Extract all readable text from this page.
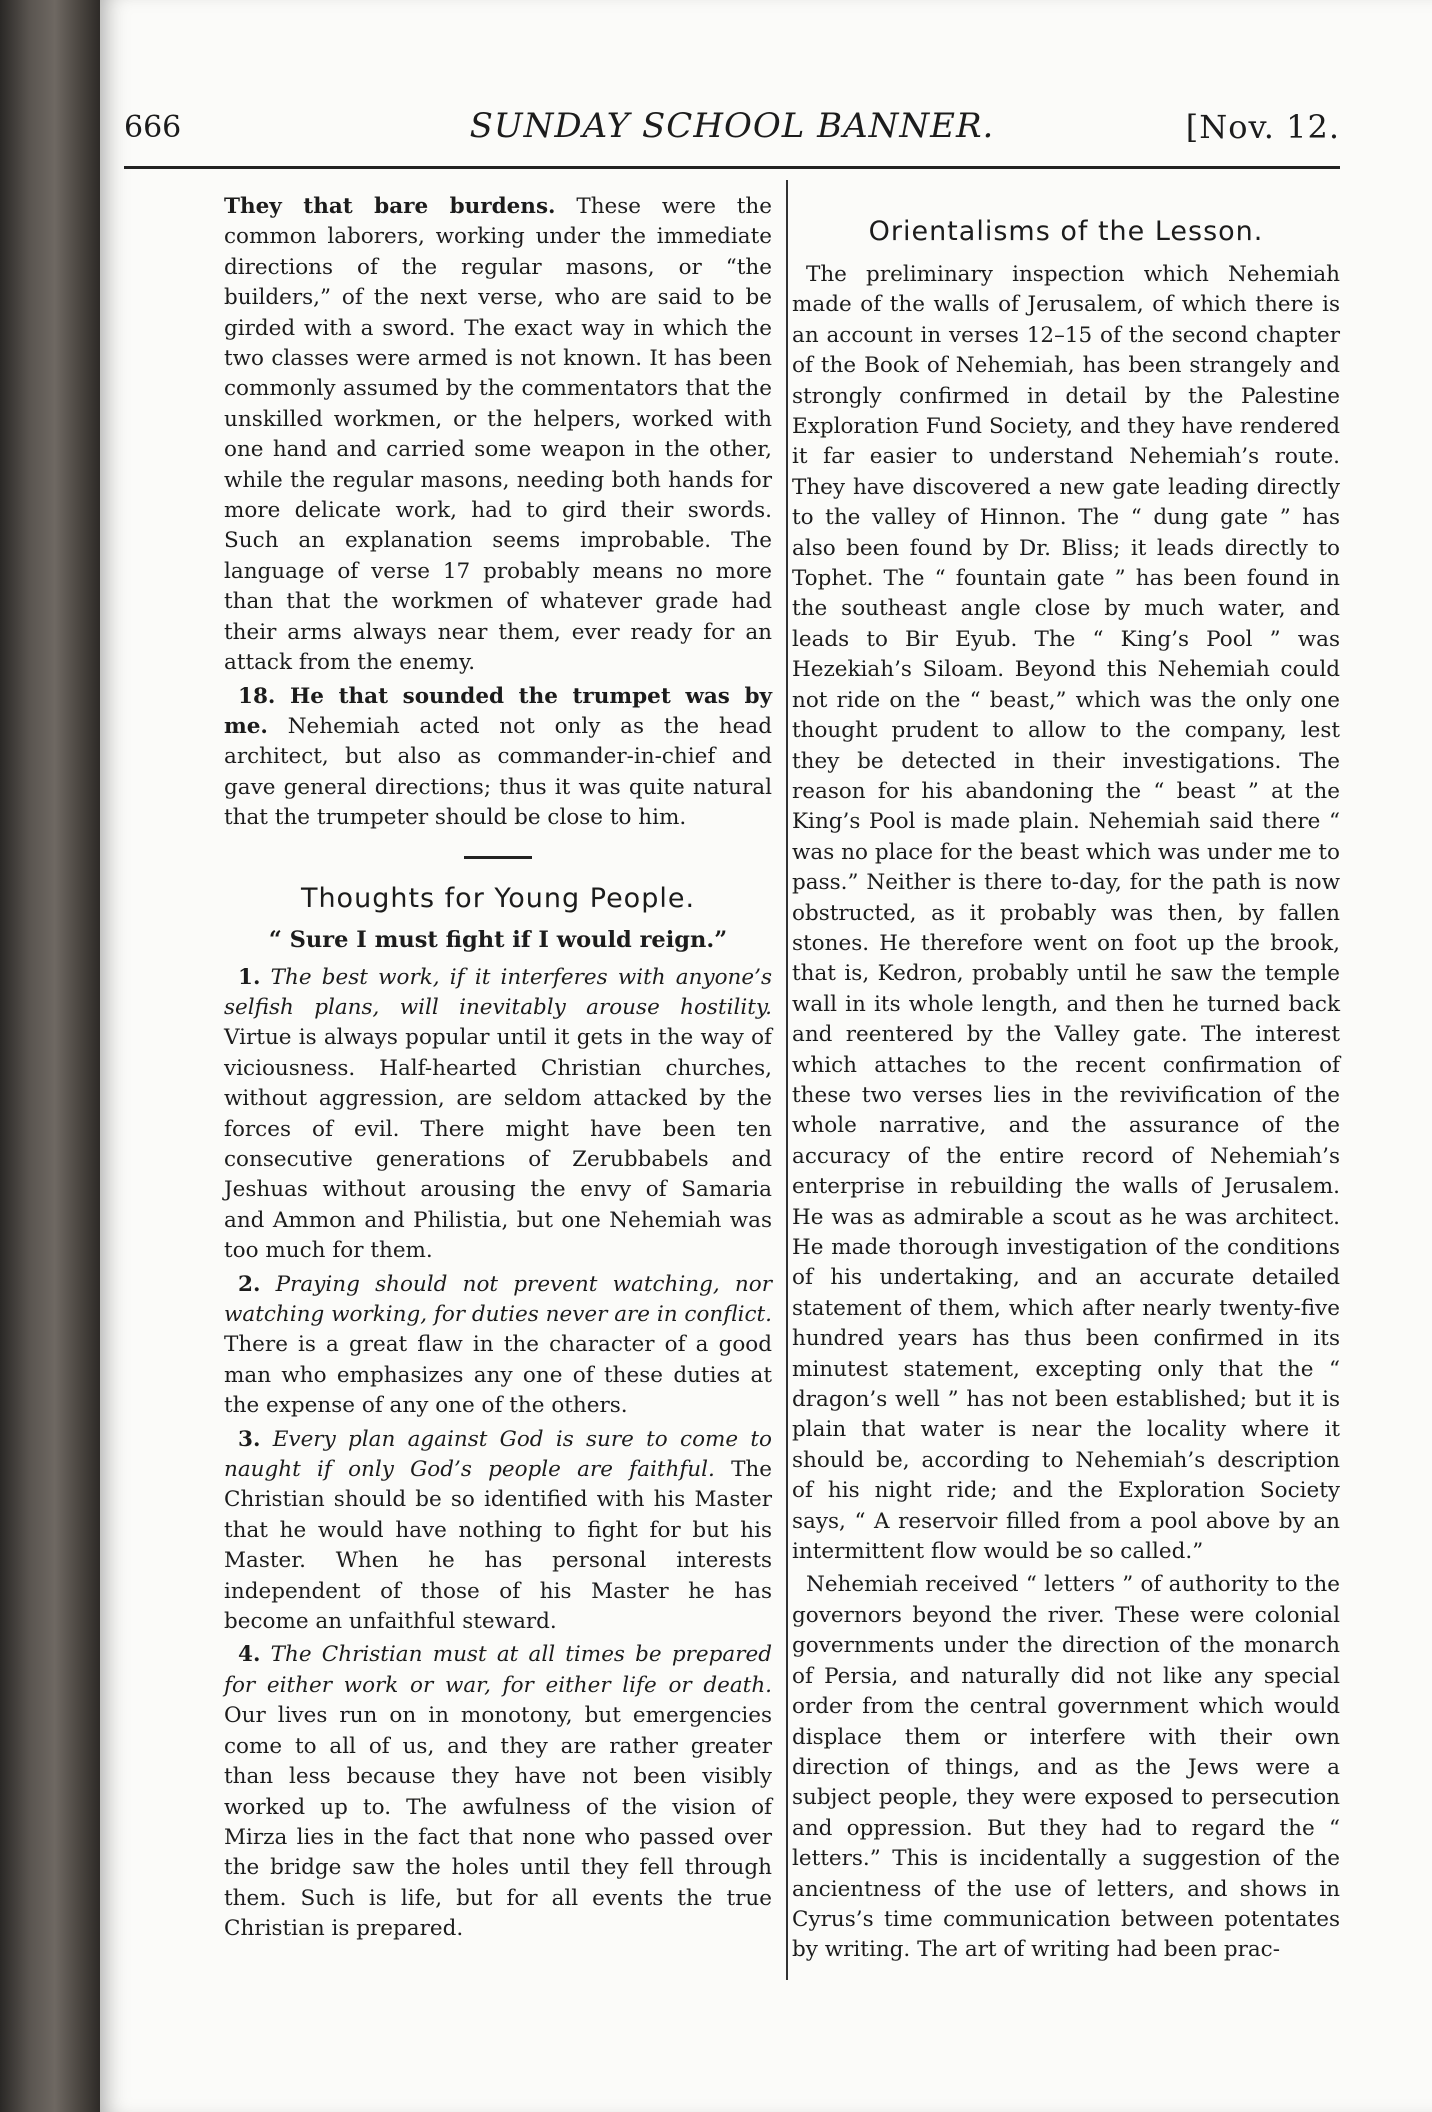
666	SUNDAY SCHOOL BANNER.	[Nov. 12.

They that bare burdens. These were the common laborers, working under the immediate directions of the regular masons, or “the builders,” of the next verse, who are said to be girded with a sword. The exact way in which the two classes were armed is not known. It has been commonly assumed by the commentators that the unskilled workmen, or the helpers, worked with one hand and carried some weapon in the other, while the regular masons, needing both hands for more delicate work, had to gird their swords. Such an explanation seems improbable. The language of verse 17 probably means no more than that the workmen of whatever grade had their arms always near them, ever ready for an attack from the enemy.

18. He that sounded the trumpet was by me. Nehemiah acted not only as the head architect, but also as commander-in-chief and gave general directions; thus it was quite natural that the trumpeter should be close to him.

Thoughts for Young People.
“ Sure I must fight if I would reign.”

1. The best work, if it interferes with anyone’s selfish plans, will inevitably arouse hostility. Virtue is always popular until it gets in the way of viciousness. Half-hearted Christian churches, without aggression, are seldom attacked by the forces of evil. There might have been ten consecutive generations of Zerubbabels and Jeshuas without arousing the envy of Samaria and Ammon and Philistia, but one Nehemiah was too much for them.

2. Praying should not prevent watching, nor watching working, for duties never are in conflict. There is a great flaw in the character of a good man who emphasizes any one of these duties at the expense of any one of the others.

3. Every plan against God is sure to come to naught if only God’s people are faithful. The Christian should be so identified with his Master that he would have nothing to fight for but his Master. When he has personal interests independent of those of his Master he has become an unfaithful steward.

4. The Christian must at all times be prepared for either work or war, for either life or death. Our lives run on in monotony, but emergencies come to all of us, and they are rather greater than less because they have not been visibly worked up to. The awfulness of the vision of Mirza lies in the fact that none who passed over the bridge saw the holes until they fell through them. Such is life, but for all events the true Christian is prepared.

Orientalisms of the Lesson.

The preliminary inspection which Nehemiah made of the walls of Jerusalem, of which there is an account in verses 12–15 of the second chapter of the Book of Nehemiah, has been strangely and strongly confirmed in detail by the Palestine Exploration Fund Society, and they have rendered it far easier to understand Nehemiah’s route. They have discovered a new gate leading directly to the valley of Hinnon. The “ dung gate ” has also been found by Dr. Bliss; it leads directly to Tophet. The “ fountain gate ” has been found in the southeast angle close by much water, and leads to Bir Eyub. The “ King’s Pool ” was Hezekiah’s Siloam. Beyond this Nehemiah could not ride on the “ beast,” which was the only one thought prudent to allow to the company, lest they be detected in their investigations. The reason for his abandoning the “ beast ” at the King’s Pool is made plain. Nehemiah said there “ was no place for the beast which was under me to pass.” Neither is there to-day, for the path is now obstructed, as it probably was then, by fallen stones. He therefore went on foot up the brook, that is, Kedron, probably until he saw the temple wall in its whole length, and then he turned back and reentered by the Valley gate. The interest which attaches to the recent confirmation of these two verses lies in the revivification of the whole narrative, and the assurance of the accuracy of the entire record of Nehemiah’s enterprise in rebuilding the walls of Jerusalem. He was as admirable a scout as he was architect. He made thorough investigation of the conditions of his undertaking, and an accurate detailed statement of them, which after nearly twenty-five hundred years has thus been confirmed in its minutest statement, excepting only that the “ dragon’s well ” has not been established; but it is plain that water is near the locality where it should be, according to Nehemiah’s description of his night ride; and the Exploration Society says, “ A reservoir filled from a pool above by an intermittent flow would be so called.”

Nehemiah received “ letters ” of authority to the governors beyond the river. These were colonial governments under the direction of the monarch of Persia, and naturally did not like any special order from the central government which would displace them or interfere with their own direction of things, and as the Jews were a subject people, they were exposed to persecution and oppression. But they had to regard the “ letters.” This is incidentally a suggestion of the ancientness of the use of letters, and shows in Cyrus’s time communication between potentates by writing. The art of writing had been prac-
